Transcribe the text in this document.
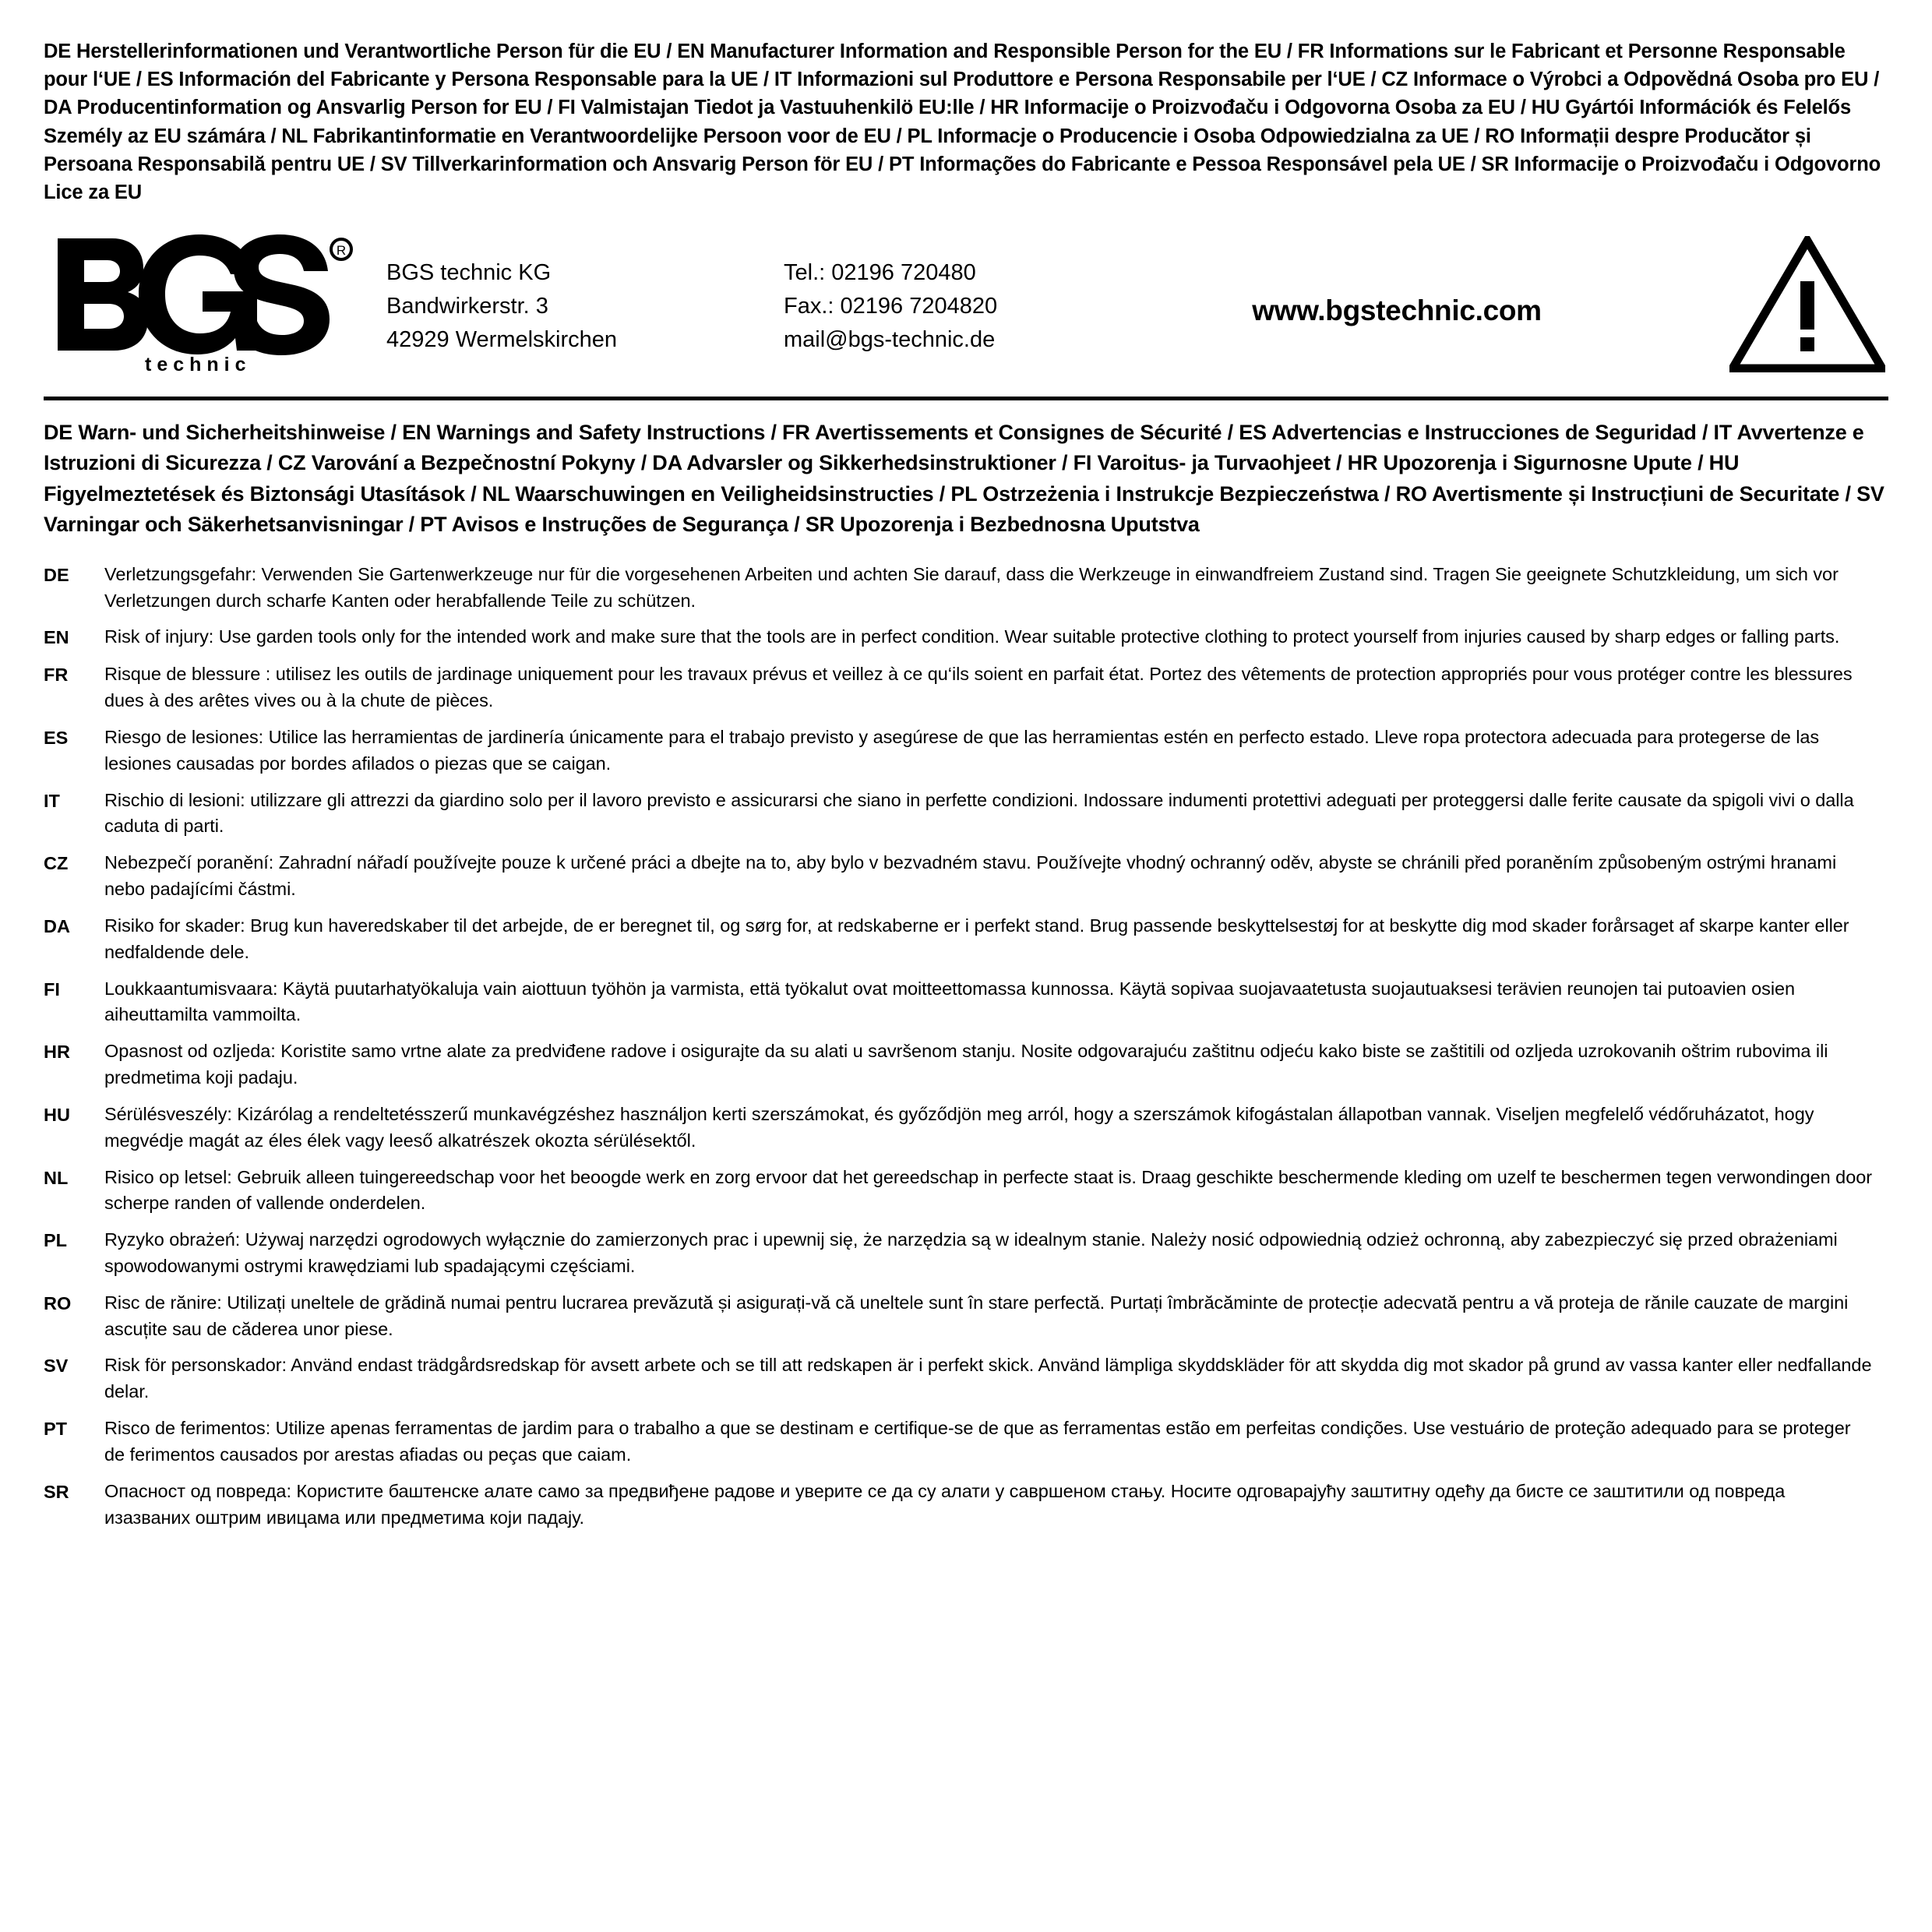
DE Herstellerinformationen und Verantwortliche Person für die EU / EN Manufacturer Information and Responsible Person for the EU / FR Informations sur le Fabricant et Personne Responsable pour l‘UE / ES Información del Fabricante y Persona Responsable para la UE / IT Informazioni sul Produttore e Persona Responsabile per l‘UE / CZ Informace o Výrobci a Odpovědná Osoba pro EU / DA Producentinformation og Ansvarlig Person for EU / FI Valmistajan Tiedot ja Vastuuhenkilö EU:lle / HR Informacije o Proizvođaču i Odgovorna Osoba za EU / HU Gyártói Információk és Felelős Személy az EU számára / NL Fabrikantinformatie en Verantwoordelijke Persoon voor de EU / PL Informacje o Producencie i Osoba Odpowiedzialna za UE / RO Informații despre Producător și Persoana Responsabilă pentru UE / SV Tillverkarinformation och Ansvarig Person för EU / PT Informações do Fabricante e Pessoa Responsável pela UE / SR Informacije o Proizvođaču i Odgovorno Lice za EU
R
technic
BGS technic KG
Bandwirkerstr. 3
42929 Wermelskirchen
Tel.: 02196 720480
Fax.: 02196 7204820
mail@bgs-technic.de
www.bgstechnic.com
DE Warn- und Sicherheitshinweise / EN Warnings and Safety Instructions / FR Avertissements et Consignes de Sécurité / ES Advertencias e Instrucciones de Seguridad / IT Avvertenze e Istruzioni di Sicurezza / CZ Varování a Bezpečnostní Pokyny / DA Advarsler og Sikkerhedsinstruktioner / FI Varoitus- ja Turvaohjeet / HR Upozorenja i Sigurnosne Upute / HU Figyelmeztetések és Biztonsági Utasítások / NL Waarschuwingen en Veiligheidsinstructies / PL Ostrzeżenia i Instrukcje Bezpieczeństwa / RO Avertismente și Instrucțiuni de Securitate / SV Varningar och Säkerhetsanvisningar / PT Avisos e Instruções de Segurança / SR Upozorenja i Bezbednosna Uputstva
DE	Verletzungsgefahr: Verwenden Sie Gartenwerkzeuge nur für die vorgesehenen Arbeiten und achten Sie darauf, dass die Werkzeuge in einwandfreiem Zustand sind. Tragen Sie geeignete Schutzkleidung, um sich vor Verletzungen durch scharfe Kanten oder herabfallende Teile zu schützen.
EN	Risk of injury: Use garden tools only for the intended work and make sure that the tools are in perfect condition. Wear suitable protective clothing to protect yourself from injuries caused by sharp edges or falling parts.
FR	Risque de blessure : utilisez les outils de jardinage uniquement pour les travaux prévus et veillez à ce qu‘ils soient en parfait état. Portez des vêtements de protection appropriés pour vous protéger contre les blessures dues à des arêtes vives ou à la chute de pièces.
ES	Riesgo de lesiones: Utilice las herramientas de jardinería únicamente para el trabajo previsto y asegúrese de que las herramientas estén en perfecto estado. Lleve ropa protectora adecuada para protegerse de las lesiones causadas por bordes afilados o piezas que se caigan.
IT	Rischio di lesioni: utilizzare gli attrezzi da giardino solo per il lavoro previsto e assicurarsi che siano in perfette condizioni. Indossare indumenti protettivi adeguati per proteggersi dalle ferite causate da spigoli vivi o dalla caduta di parti.
CZ	Nebezpečí poranění: Zahradní nářadí používejte pouze k určené práci a dbejte na to, aby bylo v bezvadném stavu. Používejte vhodný ochranný oděv, abyste se chránili před poraněním způsobeným ostrými hranami nebo padajícími částmi.
DA	Risiko for skader: Brug kun haveredskaber til det arbejde, de er beregnet til, og sørg for, at redskaberne er i perfekt stand. Brug passende beskyttelsestøj for at beskytte dig mod skader forårsaget af skarpe kanter eller nedfaldende dele.
FI	Loukkaantumisvaara: Käytä puutarhatyökaluja vain aiottuun työhön ja varmista, että työkalut ovat moitteettomassa kunnossa. Käytä sopivaa suojavaatetusta suojautuaksesi terävien reunojen tai putoavien osien aiheuttamilta vammoilta.
HR	Opasnost od ozljeda: Koristite samo vrtne alate za predviđene radove i osigurajte da su alati u savršenom stanju. Nosite odgovarajuću zaštitnu odjeću kako biste se zaštitili od ozljeda uzrokovanih oštrim rubovima ili predmetima koji padaju.
HU	Sérülésveszély: Kizárólag a rendeltetésszerű munkavégzéshez használjon kerti szerszámokat, és győződjön meg arról, hogy a szerszámok kifogástalan állapotban vannak. Viseljen megfelelő védőruházatot, hogy megvédje magát az éles élek vagy leeső alkatrészek okozta sérülésektől.
NL	Risico op letsel: Gebruik alleen tuingereedschap voor het beoogde werk en zorg ervoor dat het gereedschap in perfecte staat is. Draag geschikte beschermende kleding om uzelf te beschermen tegen verwondingen door scherpe randen of vallende onderdelen.
PL	Ryzyko obrażeń: Używaj narzędzi ogrodowych wyłącznie do zamierzonych prac i upewnij się, że narzędzia są w idealnym stanie. Należy nosić odpowiednią odzież ochronną, aby zabezpieczyć się przed obrażeniami spowodowanymi ostrymi krawędziami lub spadającymi częściami.
RO	Risc de rănire: Utilizați uneltele de grădină numai pentru lucrarea prevăzută și asigurați-vă că uneltele sunt în stare perfectă. Purtați îmbrăcăminte de protecție adecvată pentru a vă proteja de rănile cauzate de margini ascuțite sau de căderea unor piese.
SV	Risk för personskador: Använd endast trädgårdsredskap för avsett arbete och se till att redskapen är i perfekt skick. Använd lämpliga skyddskläder för att skydda dig mot skador på grund av vassa kanter eller nedfallande delar.
PT	Risco de ferimentos: Utilize apenas ferramentas de jardim para o trabalho a que se destinam e certifique-se de que as ferramentas estão em perfeitas condições. Use vestuário de proteção adequado para se proteger de ferimentos causados por arestas afiadas ou peças que caiam.
SR	Опасност од повреда: Користите баштенске алате само за предвиђене радове и уверите се да су алати у савршеном стању. Носите одговарајућу заштитну одећу да бисте се заштитили од повреда изазваних оштрим ивицама или предметима који падају.
